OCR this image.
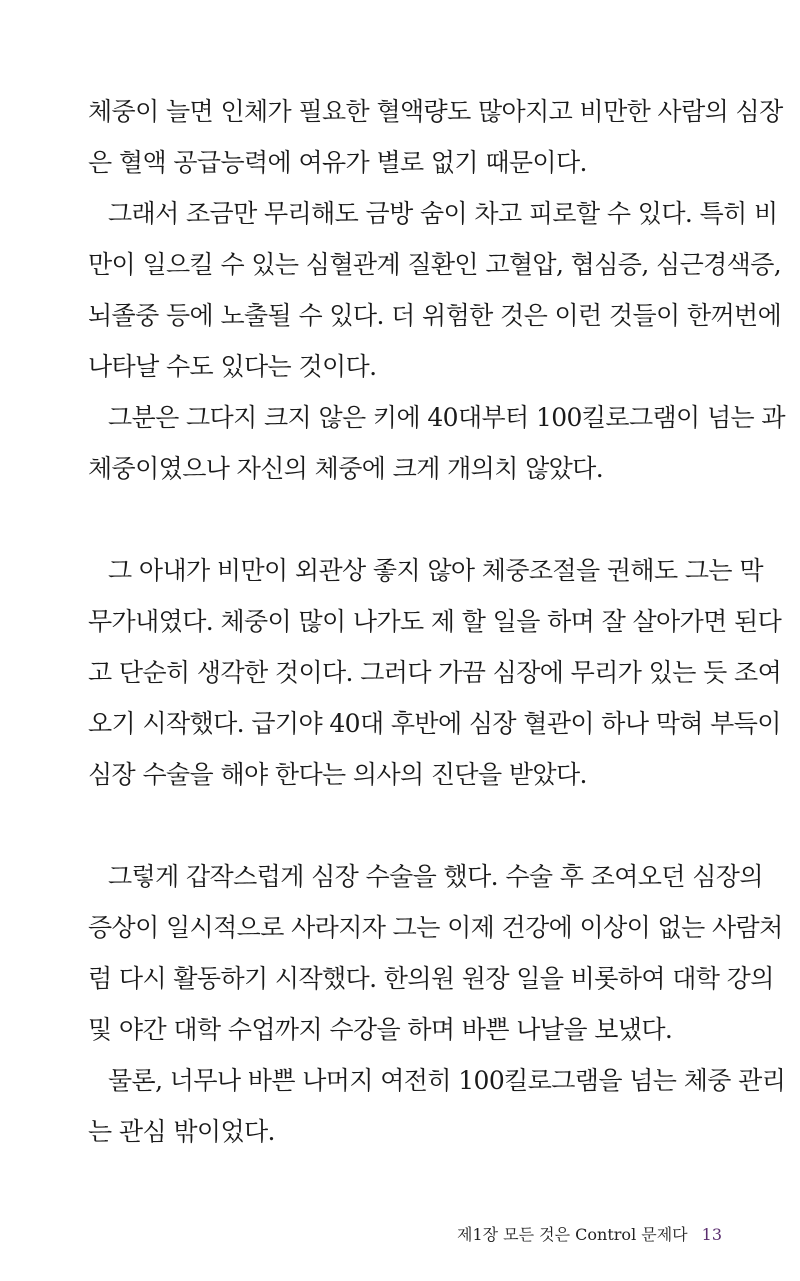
체중이 늘면 인체가 필요한 혈액량도 많아지고 비만한 사람의 심장
은 혈액 공급능력에 여유가 별로 없기 때문이다.
그래서 조금만 무리해도 금방 숨이 차고 피로할 수 있다. 특히 비
만이 일으킬 수 있는 심혈관계 질환인 고혈압, 협심증, 심근경색증,
뇌졸중 등에 노출될 수 있다. 더 위험한 것은 이런 것들이 한꺼번에
나타날 수도 있다는 것이다.
그분은 그다지 크지 않은 키에 40대부터 100킬로그램이 넘는 과
체중이였으나 자신의 체중에 크게 개의치 않았다.
그 아내가 비만이 외관상 좋지 않아 체중조절을 권해도 그는 막
무가내였다. 체중이 많이 나가도 제 할 일을 하며 잘 살아가면 된다
고 단순히 생각한 것이다. 그러다 가끔 심장에 무리가 있는 듯 조여
오기 시작했다. 급기야 40대 후반에 심장 혈관이 하나 막혀 부득이
심장 수술을 해야 한다는 의사의 진단을 받았다.
그렇게 갑작스럽게 심장 수술을 했다. 수술 후 조여오던 심장의
증상이 일시적으로 사라지자 그는 이제 건강에 이상이 없는 사람처
럼 다시 활동하기 시작했다. 한의원 원장 일을 비롯하여 대학 강의
및 야간 대학 수업까지 수강을 하며 바쁜 나날을 보냈다.
물론, 너무나 바쁜 나머지 여전히 100킬로그램을 넘는 체중 관리
는 관심 밖이었다.
제1장 모든 것은 Control 문제다 13
